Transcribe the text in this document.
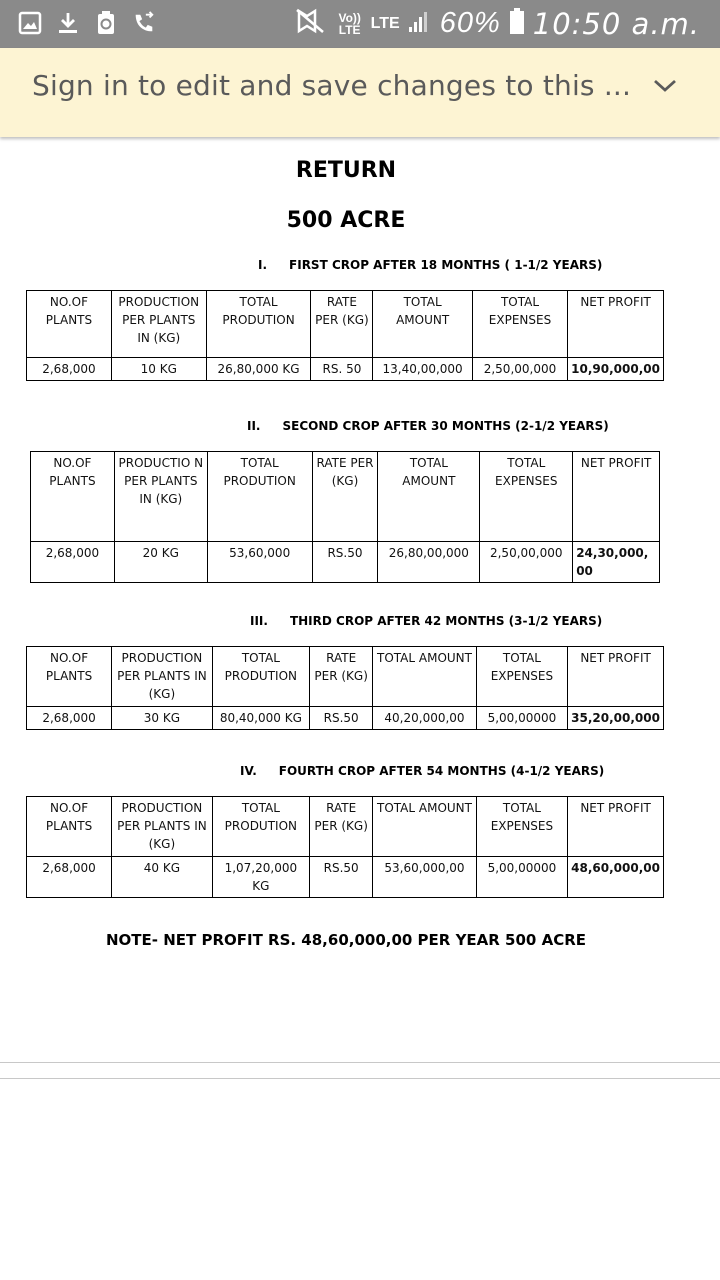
Vo)) LTE LTE 60% 10:50 a.m.
Sign in to edit and save changes to this ...
RETURN
500 ACRE
I. FIRST CROP AFTER 18 MONTHS ( 1-1/2 YEARS)
NO.OF PLANTS	PRODUCTION PER PLANTS IN (KG)	TOTAL PRODUTION	RATE PER (KG)	TOTAL AMOUNT	TOTAL EXPENSES	NET PROFIT
2,68,000	10 KG	26,80,000 KG	RS. 50	13,40,00,000	2,50,00,000	10,90,000,00
II. SECOND CROP AFTER 30 MONTHS (2-1/2 YEARS)
NO.OF PLANTS	PRODUCTIO N PER PLANTS IN (KG)	TOTAL PRODUTION	RATE PER (KG)	TOTAL AMOUNT	TOTAL EXPENSES	NET PROFIT
2,68,000	20 KG	53,60,000	RS.50	26,80,00,000	2,50,00,000	24,30,000,00
III. THIRD CROP AFTER 42 MONTHS (3-1/2 YEARS)
NO.OF PLANTS	PRODUCTION PER PLANTS IN (KG)	TOTAL PRODUTION	RATE PER (KG)	TOTAL AMOUNT	TOTAL EXPENSES	NET PROFIT
2,68,000	30 KG	80,40,000 KG	RS.50	40,20,000,00	5,00,00000	35,20,00,000
IV. FOURTH CROP AFTER 54 MONTHS (4-1/2 YEARS)
NO.OF PLANTS	PRODUCTION PER PLANTS IN (KG)	TOTAL PRODUTION	RATE PER (KG)	TOTAL AMOUNT	TOTAL EXPENSES	NET PROFIT
2,68,000	40 KG	1,07,20,000 KG	RS.50	53,60,000,00	5,00,00000	48,60,000,00
NOTE- NET PROFIT RS. 48,60,000,00 PER YEAR 500 ACRE
